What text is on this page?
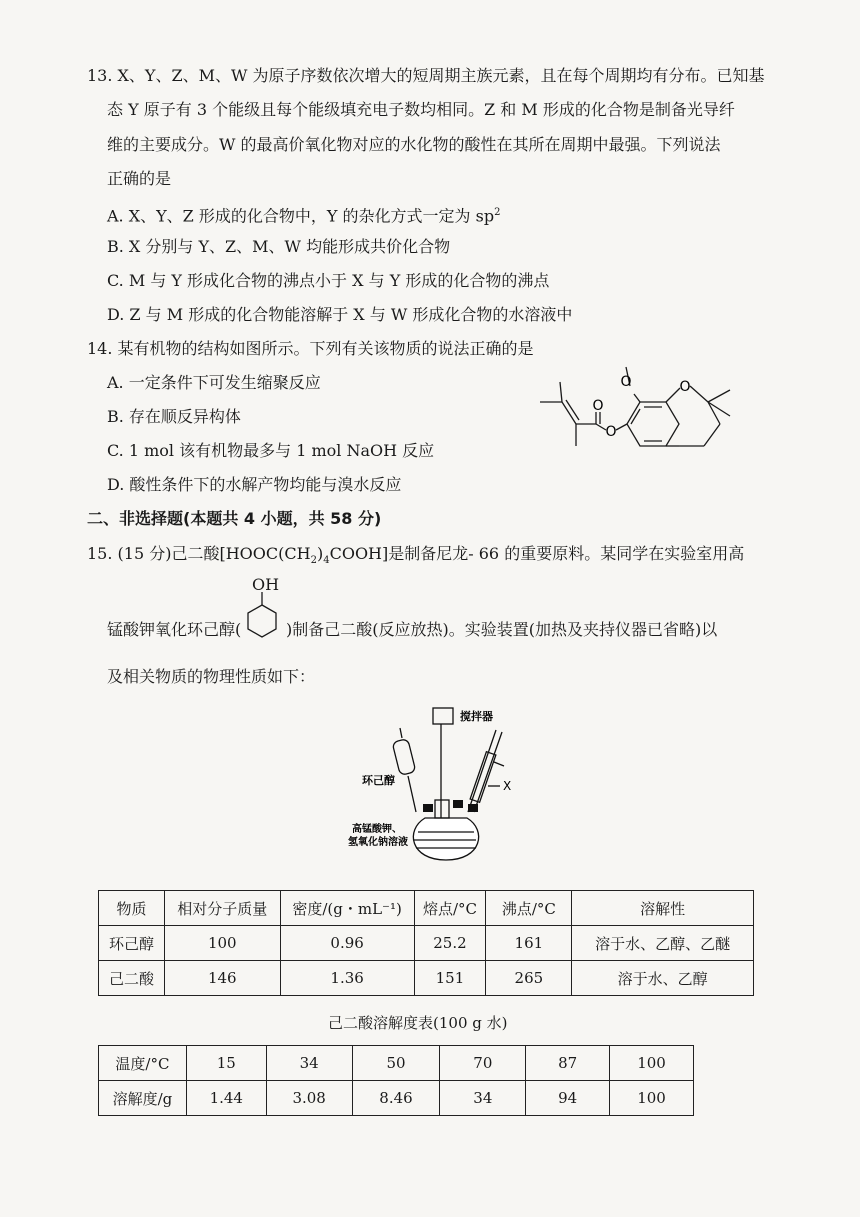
13. X、Y、Z、M、W 为原子序数依次增大的短周期主族元素，且在每个周期均有分布。已知基
态 Y 原子有 3 个能级且每个能级填充电子数均相同。Z 和 M 形成的化合物是制备光导纤
维的主要成分。W 的最高价氧化物对应的水化物的酸性在其所在周期中最强。下列说法
正确的是
A. X、Y、Z 形成的化合物中，Y 的杂化方式一定为 $sp^2$
B. X 分别与 Y、Z、M、W 均能形成共价化合物
C. M 与 Y 形成化合物的沸点小于 X 与 Y 形成的化合物的沸点
D. Z 与 M 形成的化合物能溶解于 X 与 W 形成化合物的水溶液中
14. 某有机物的结构如图所示。下列有关该物质的说法正确的是
A. 一定条件下可发生缩聚反应
B. 存在顺反异构体
C. 1 mol 该有机物最多与 1 mol NaOH 反应
D. 酸性条件下的水解产物均能与溴水反应
O	O
O
O
二、非选择题(本题共 4 小题，共 58 分)
15. (15 分)己二酸$[HOOC(CH_2)_4COOH]$是制备尼龙- 66 的重要原料。某同学在实验室用高
OH
锰酸钾氧化环己醇(	)制备己二酸(反应放热)。实验装置(加热及夹持仪器已省略)以
及相关物质的物理性质如下：
搅拌器
环己醇	X
高锰酸钾、
氢氧化钠溶液
物质	相对分子质量	密度/(g・mL⁻¹)	熔点/°C	沸点/°C	溶解性
环己醇	100	0.96	25.2	161	溶于水、乙醇、乙醚
己二酸	146	1.36	151	265	溶于水、乙醇
己二酸溶解度表(100 g 水)
温度/°C	15	34	50	70	87	100
溶解度/g	1.44	3.08	8.46	34	94	100
